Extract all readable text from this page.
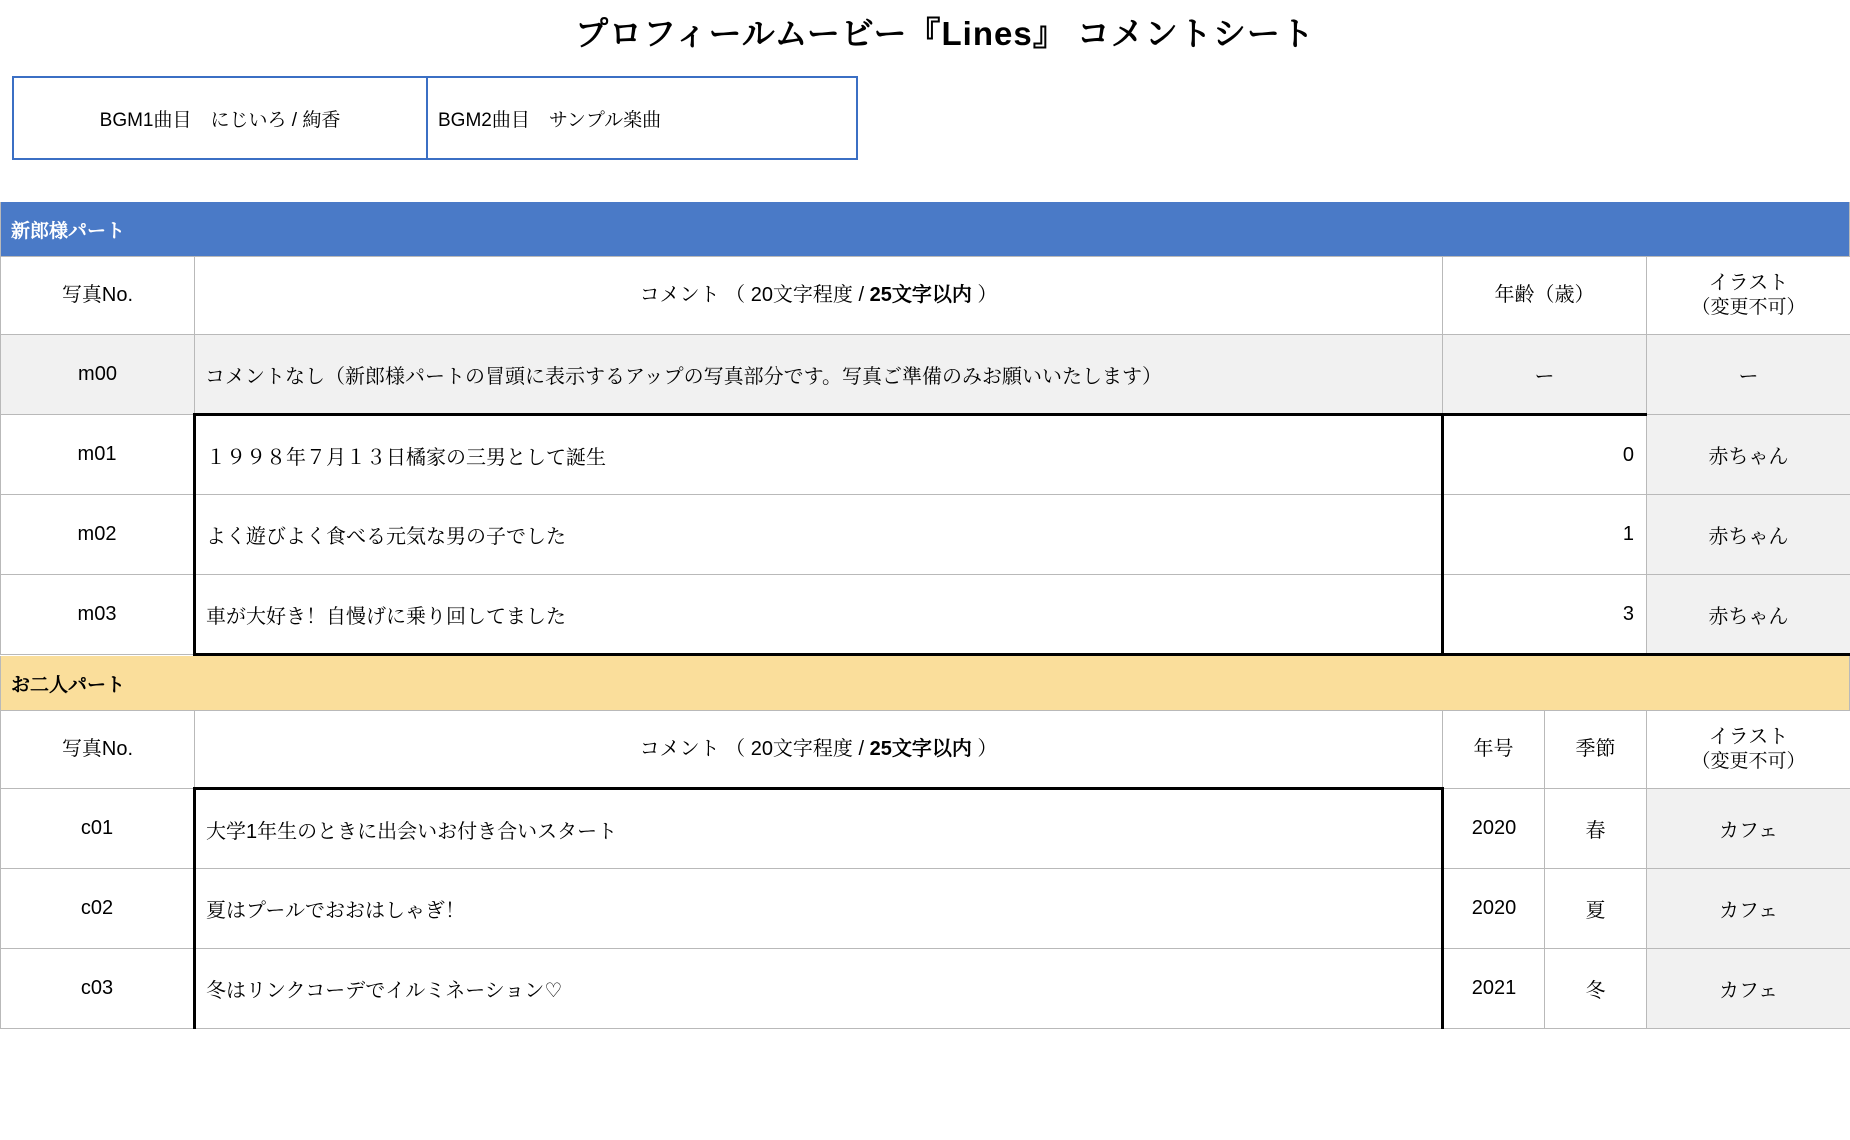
プロフィールムービー『Lines』 コメントシート
BGM1曲目　にじいろ / 絢香	BGM2曲目　サンプル楽曲
新郎様パート
写真No.	コメント （ 20文字程度 / 25文字以内 ）	年齢（歳）	イラスト
（変更不可）

m00	コメントなし（新郎様パートの冒頭に表示するアップの写真部分です。写真ご準備のみお願いいたします）	ー	ー
m01	１９９８年７月１３日橘家の三男として誕生	0	赤ちゃん
m02	よく遊びよく食べる元気な男の子でした	1	赤ちゃん
m03	車が大好き！自慢げに乗り回してました	3	赤ちゃん
お二人パート
写真No.	コメント （ 20文字程度 / 25文字以内 ）	年号	季節	イラスト
（変更不可）

c01	大学1年生のときに出会いお付き合いスタート	2020	春	カフェ
c02	夏はプールでおおはしゃぎ！	2020	夏	カフェ
c03	冬はリンクコーデでイルミネーション♡	2021	冬	カフェ
